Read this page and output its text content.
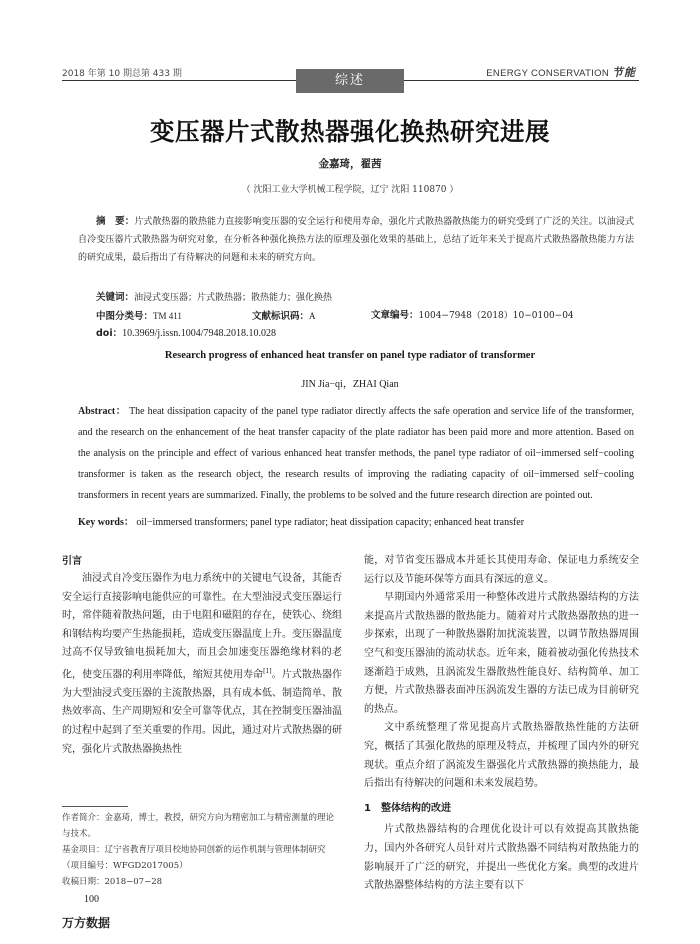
2018 年第 10 期总第 433 期	ENERGY CONSERVATION 节能
综述
变压器片式散热器强化换热研究进展
金嘉琦，翟茜
（ 沈阳工业大学机械工程学院，辽宁 沈阳 110870 ）
摘　要：片式散热器的散热能力直接影响变压器的安全运行和使用寿命，强化片式散热器散热能力的研究受到了广泛的关注。以油浸式自冷变压器片式散热器为研究对象，在分析各种强化换热方法的原理及强化效果的基础上，总结了近年来关于提高片式散热器散热能力方法的研究成果，最后指出了有待解决的问题和未来的研究方向。
关键词：油浸式变压器；片式散热器；散热能力；强化换热
中图分类号：TM 411	文献标识码：A	文章编号：1004−7948（2018）10−0100−04
doi：10.3969/j.issn.1004/7948.2018.10.028
Research progress of enhanced heat transfer on panel type radiator of transformer
JIN Jia−qi，ZHAI Qian
Abstract： The heat dissipation capacity of the panel type radiator directly affects the safe operation and service life of the transformer, and the research on the enhancement of the heat transfer capacity of the plate radiator has been paid more and more attention. Based on the analysis on the principle and effect of various enhanced heat transfer methods, the panel type radiator of oil−immersed self−cooling transformer is taken as the research object, the research results of improving the radiating capacity of oil−immersed self−cooling transformers in recent years are summarized. Finally, the problems to be solved and the future research direction are pointed out.
Key words： oil−immersed transformers; panel type radiator; heat dissipation capacity; enhanced heat transfer
引言

油浸式自冷变压器作为电力系统中的关键电气设备，其能否安全运行直接影响电能供应的可靠性。在大型油浸式变压器运行时，常伴随着散热问题，由于电阻和磁阻的存在，使铁心、绕组和钢结构均要产生热能损耗，造成变压器温度上升。变压器温度过高不仅导致铀电损耗加大，而且会加速变压器绝缘材料的老化，使变压器的利用率降低，缩短其使用寿命[1]。片式散热器作为大型油浸式变压器的主流散热器，具有成本低、制造简单、散热效率高、生产周期短和安全可靠等优点，其在控制变压器油温的过程中起到了至关重要的作用。因此，通过对片式散热器的研究，强化片式散热器换热性

能，对节省变压器成本并延长其使用寿命、保证电力系统安全运行以及节能环保等方面具有深远的意义。

早期国内外通常采用一种整体改进片式散热器结构的方法来提高片式散热器的散热能力。随着对片式散热器散热的进一步探索，出现了一种散热器附加扰流装置，以调节散热器周围空气和变压器油的流动状态。近年来，随着被动强化传热技术逐渐趋于成熟，且涡流发生器散热性能良好、结构简单、加工方便，片式散热器表面冲压涡流发生器的方法已成为目前研究的热点。

文中系统整理了常见提高片式散热器散热性能的方法研究，概括了其强化散热的原理及特点，并梳理了国内外的研究现状。重点介绍了涡流发生器强化片式散热器的换热能力，最后指出有待解决的问题和未来发展趋势。

1　整体结构的改进

片式散热器结构的合理优化设计可以有效提高其散热能力，国内外各研究人员针对片式散热器不同结构对散热能力的影响展开了广泛的研究，并提出一些优化方案。典型的改进片式散热器整体结构的方法主要有以下

作者简介：金嘉琦，博士，教授，研究方向为精密加工与精密测量的理论与技术。
基金项目：辽宁省教育厅项目校地协同创新的运作机制与管理体制研究（项目编号：WFGD2017005）
收稿日期：2018−07−28
100
万方数据
